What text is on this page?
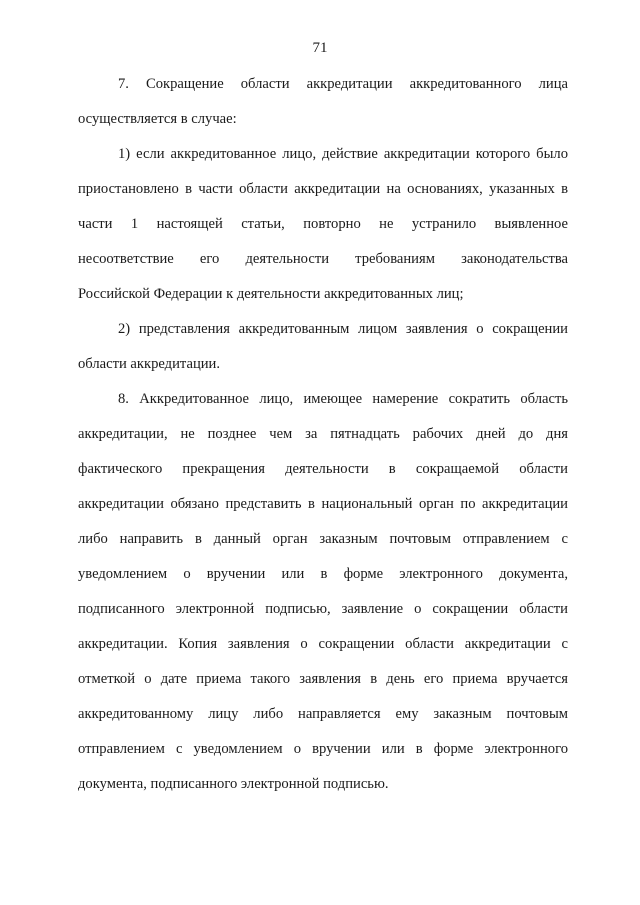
71
7. Сокращение области аккредитации аккредитованного лица
осуществляется в случае:
1) если аккредитованное лицо, действие аккредитации которого было
приостановлено в части области аккредитации на основаниях, указанных в
части 1 настоящей статьи, повторно не устранило выявленное
несоответствие его деятельности требованиям законодательства
Российской Федерации к деятельности аккредитованных лиц;
2) представления аккредитованным лицом заявления о сокращении
области аккредитации.
8. Аккредитованное лицо, имеющее намерение сократить область
аккредитации, не позднее чем за пятнадцать рабочих дней до дня
фактического прекращения деятельности в сокращаемой области
аккредитации обязано представить в национальный орган по аккредитации
либо направить в данный орган заказным почтовым отправлением с
уведомлением о вручении или в форме электронного документа,
подписанного электронной подписью, заявление о сокращении области
аккредитации. Копия заявления о сокращении области аккредитации с
отметкой о дате приема такого заявления в день его приема вручается
аккредитованному лицу либо направляется ему заказным почтовым
отправлением с уведомлением о вручении или в форме электронного
документа, подписанного электронной подписью.
